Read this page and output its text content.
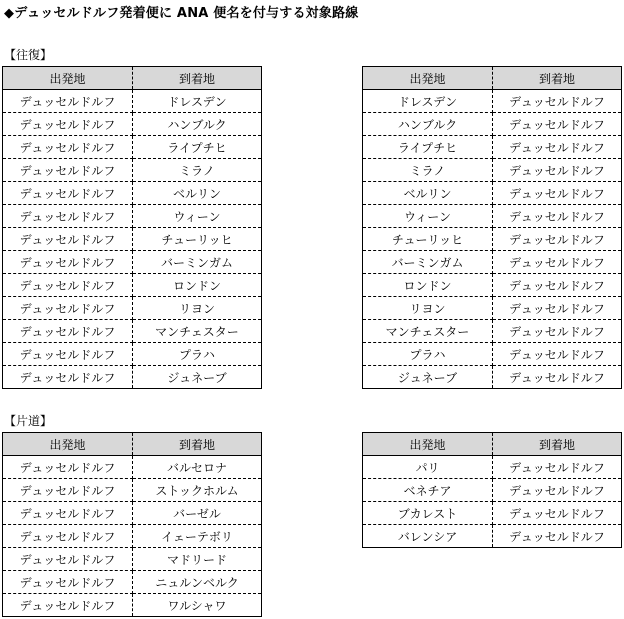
◆デュッセルドルフ発着便に ANA 便名を付与する対象路線
【往復】
出発地	到着地
デュッセルドルフ	ドレスデン
デュッセルドルフ	ハンブルク
デュッセルドルフ	ライプチヒ
デュッセルドルフ	ミラノ
デュッセルドルフ	ベルリン
デュッセルドルフ	ウィーン
デュッセルドルフ	チューリッヒ
デュッセルドルフ	バーミンガム
デュッセルドルフ	ロンドン
デュッセルドルフ	リヨン
デュッセルドルフ	マンチェスター
デュッセルドルフ	プラハ
デュッセルドルフ	ジュネーブ
出発地	到着地
ドレスデン	デュッセルドルフ
ハンブルク	デュッセルドルフ
ライプチヒ	デュッセルドルフ
ミラノ	デュッセルドルフ
ベルリン	デュッセルドルフ
ウィーン	デュッセルドルフ
チューリッヒ	デュッセルドルフ
バーミンガム	デュッセルドルフ
ロンドン	デュッセルドルフ
リヨン	デュッセルドルフ
マンチェスター	デュッセルドルフ
プラハ	デュッセルドルフ
ジュネーブ	デュッセルドルフ
【片道】
出発地	到着地
デュッセルドルフ	バルセロナ
デュッセルドルフ	ストックホルム
デュッセルドルフ	バーゼル
デュッセルドルフ	イェーテボリ
デュッセルドルフ	マドリード
デュッセルドルフ	ニュルンベルク
デュッセルドルフ	ワルシャワ
出発地	到着地
パリ	デュッセルドルフ
ベネチア	デュッセルドルフ
ブカレスト	デュッセルドルフ
バレンシア	デュッセルドルフ
